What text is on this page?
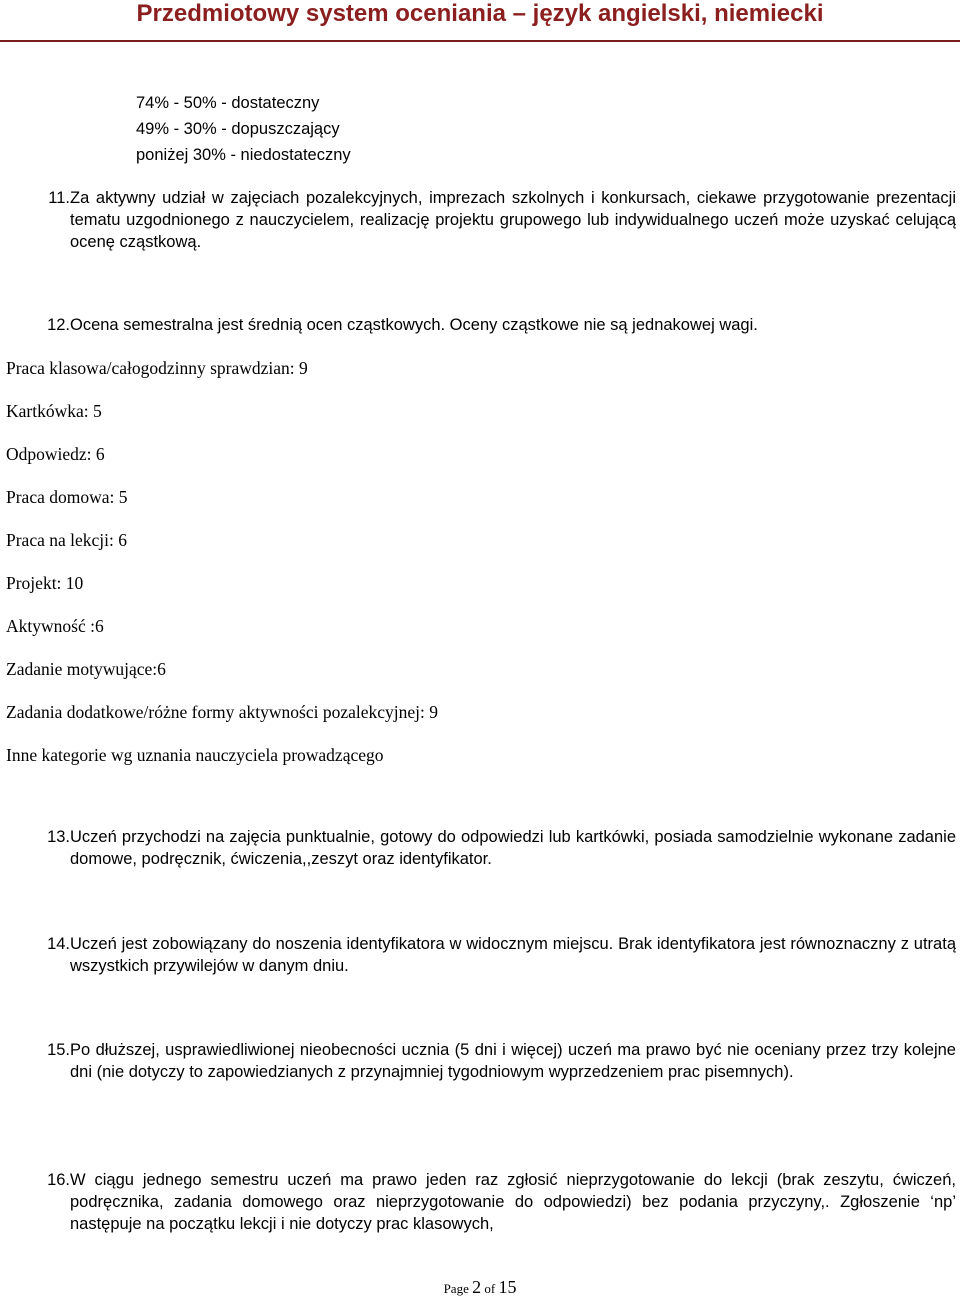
Przedmiotowy system oceniania – język angielski, niemiecki
74% - 50% - dostateczny
49% - 30% - dopuszczający
poniżej 30% - niedostateczny
11. Za aktywny udział w zajęciach pozalekcyjnych, imprezach szkolnych i konkursach, ciekawe przygotowanie prezentacji tematu uzgodnionego z nauczycielem, realizację projektu grupowego lub indywidualnego uczeń może uzyskać celującą ocenę cząstkową.
12. Ocena semestralna jest średnią ocen cząstkowych. Oceny cząstkowe nie są jednakowej wagi.
Praca klasowa/całogodzinny sprawdzian: 9
Kartkówka: 5
Odpowiedz: 6
Praca domowa: 5
Praca na lekcji: 6
Projekt: 10
Aktywność :6
Zadanie motywujące:6
Zadania dodatkowe/różne formy aktywności pozalekcyjnej: 9
Inne kategorie wg uznania nauczyciela prowadzącego
13. Uczeń przychodzi na zajęcia punktualnie, gotowy do odpowiedzi lub kartkówki, posiada samodzielnie wykonane zadanie domowe, podręcznik, ćwiczenia,,zeszyt oraz identyfikator.
14. Uczeń jest zobowiązany do noszenia identyfikatora w widocznym miejscu. Brak identyfikatora jest równoznaczny z utratą wszystkich przywilejów w danym dniu.
15. Po dłuższej, usprawiedliwionej nieobecności ucznia (5 dni i więcej) uczeń ma prawo być nie oceniany przez trzy kolejne dni (nie dotyczy to zapowiedzianych z przynajmniej tygodniowym wyprzedzeniem prac pisemnych).
16. W ciągu jednego semestru uczeń ma prawo jeden raz zgłosić nieprzygotowanie do lekcji (brak zeszytu, ćwiczeń, podręcznika, zadania domowego oraz nieprzygotowanie do odpowiedzi) bez podania przyczyny,. Zgłoszenie ‘np’ następuje na początku lekcji i nie dotyczy prac klasowych,
Page 2 of 15
